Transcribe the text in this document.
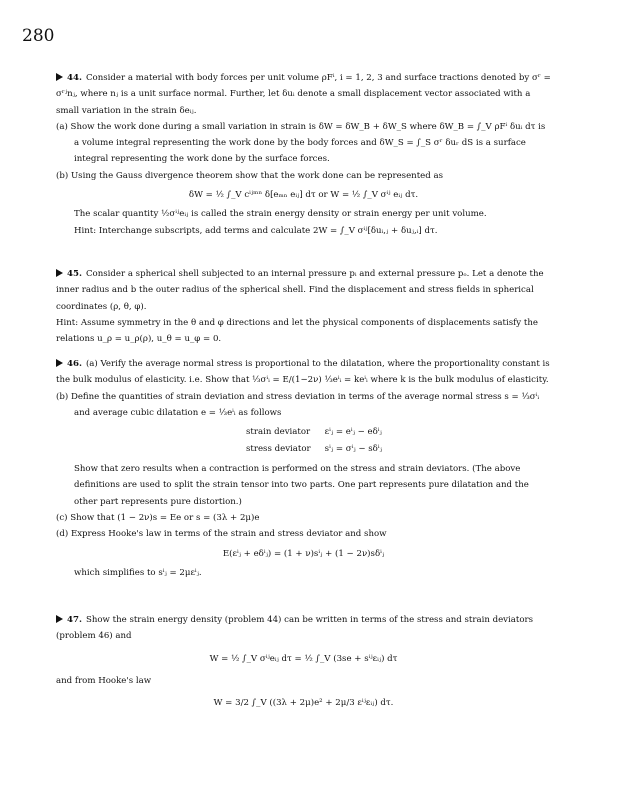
280

44. Consider a material with body forces per unit volume ρFⁱ, i = 1, 2, 3 and surface tractions denoted by σʳ = σʳʲnⱼ, where nⱼ is a unit surface normal. Further, let δuᵢ denote a small displacement vector associated with a small variation in the strain δeᵢⱼ.

(a) Show the work done during a small variation in strain is δW = δW_B + δW_S where δW_B = ∫_V ρFⁱ δuᵢ dτ is a volume integral representing the work done by the body forces and δW_S = ∫_S σʳ δuᵣ dS is a surface integral representing the work done by the surface forces.

(b) Using the Gauss divergence theorem show that the work done can be represented as

δW = ½ ∫_V cⁱʲᵐⁿ δ[eₘₙ eᵢⱼ] dτ or W = ½ ∫_V σⁱʲ eᵢⱼ dτ.

The scalar quantity ½σⁱʲeᵢⱼ is called the strain energy density or strain energy per unit volume.

Hint: Interchange subscripts, add terms and calculate 2W = ∫_V σⁱʲ[δuᵢ,ⱼ + δuⱼ,ᵢ] dτ.

45. Consider a spherical shell subjected to an internal pressure pᵢ and external pressure pₒ. Let a denote the inner radius and b the outer radius of the spherical shell. Find the displacement and stress fields in spherical coordinates (ρ, θ, φ).

Hint: Assume symmetry in the θ and φ directions and let the physical components of displacements satisfy the relations u_ρ = u_ρ(ρ), u_θ = u_φ = 0.

46. (a) Verify the average normal stress is proportional to the dilatation, where the proportionality constant is the bulk modulus of elasticity. i.e. Show that ⅓σⁱᵢ = E/(1−2ν) ⅓eⁱᵢ = keⁱᵢ where k is the bulk modulus of elasticity.

(b) Define the quantities of strain deviation and stress deviation in terms of the average normal stress s = ⅓σⁱᵢ and average cubic dilatation e = ⅓eⁱᵢ as follows

strain deviator	εⁱⱼ = eⁱⱼ − eδⁱⱼ
stress deviator	sⁱⱼ = σⁱⱼ − sδⁱⱼ

Show that zero results when a contraction is performed on the stress and strain deviators. (The above definitions are used to split the strain tensor into two parts. One part represents pure dilatation and the other part represents pure distortion.)

(c) Show that (1 − 2ν)s = Ee or s = (3λ + 2μ)e

(d) Express Hooke's law in terms of the strain and stress deviator and show

E(εⁱⱼ + eδⁱⱼ) = (1 + ν)sⁱⱼ + (1 − 2ν)sδⁱⱼ

which simplifies to sⁱⱼ = 2μεⁱⱼ.

47. Show the strain energy density (problem 44) can be written in terms of the stress and strain deviators (problem 46) and

W = ½ ∫_V σⁱʲeᵢⱼ dτ = ½ ∫_V (3se + sⁱʲεᵢⱼ) dτ

and from Hooke's law

W = 3/2 ∫_V ((3λ + 2μ)e² + 2μ/3 εⁱʲεᵢⱼ) dτ.
